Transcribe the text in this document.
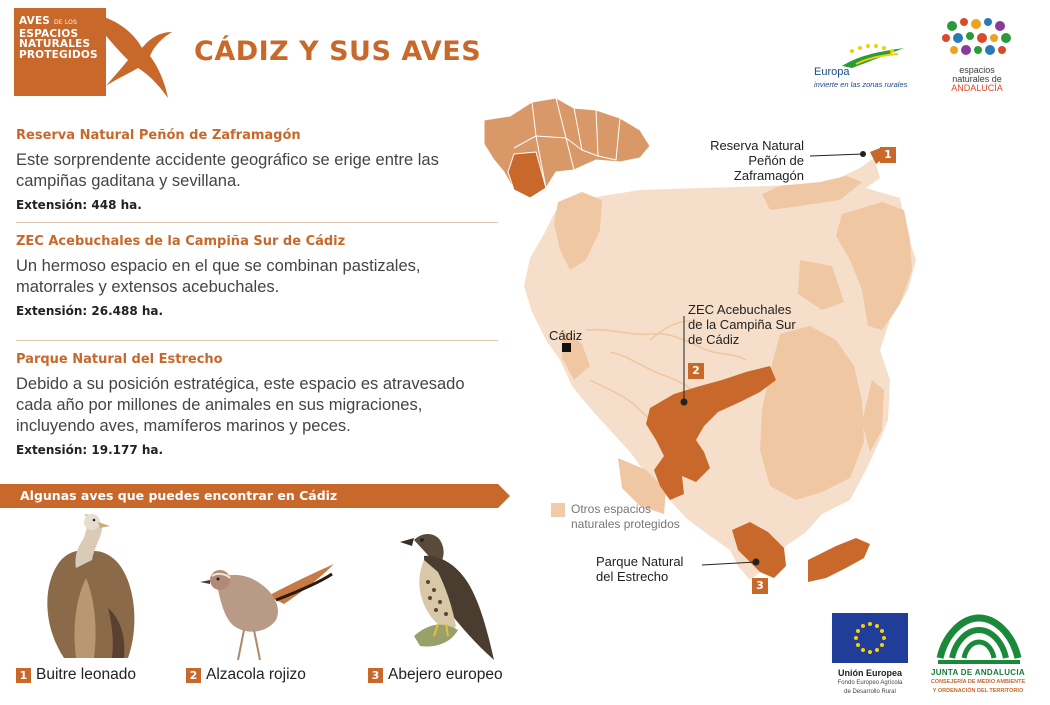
AVES DE LOS
ESPACIOS
NATURALES
PROTEGIDOS	CÁDIZ Y SUS AVES
Europa
invierte en las zonas rurales
espacios
naturales de
ANDALUCÍA
Reserva Natural Peñón de Zaframagón
Este sorprendente accidente geográfico se erige entre las campiñas gaditana y sevillana.
Extensión: 448 ha.
ZEC Acebuchales de la Campiña Sur de Cádiz
Un hermoso espacio en el que se combinan pastizales, matorrales y extensos acebuchales.
Extensión: 26.488 ha.
Parque Natural del Estrecho
Debido a su posición estratégica, este espacio es atravesado cada año por millones de animales en sus migraciones, incluyendo aves, mamíferos marinos y peces.
Extensión: 19.177 ha.
Algunas aves que puedes encontrar en Cádiz
1 Buitre leonado	2 Alzacola rojizo	3 Abejero europeo
Reserva Natural
Peñón de Zaframagón
1
ZEC Acebuchales
de la Campiña Sur
de Cádiz
2
Cádiz
Parque Natural
del Estrecho
3
Otros espacios
naturales protegidos
Unión Europea
Fondo Europeo Agrícola
de Desarrollo Rural
JUNTA DE ANDALUCIA
CONSEJERÍA DE MEDIO AMBIENTE
Y ORDENACIÓN DEL TERRITORIO
